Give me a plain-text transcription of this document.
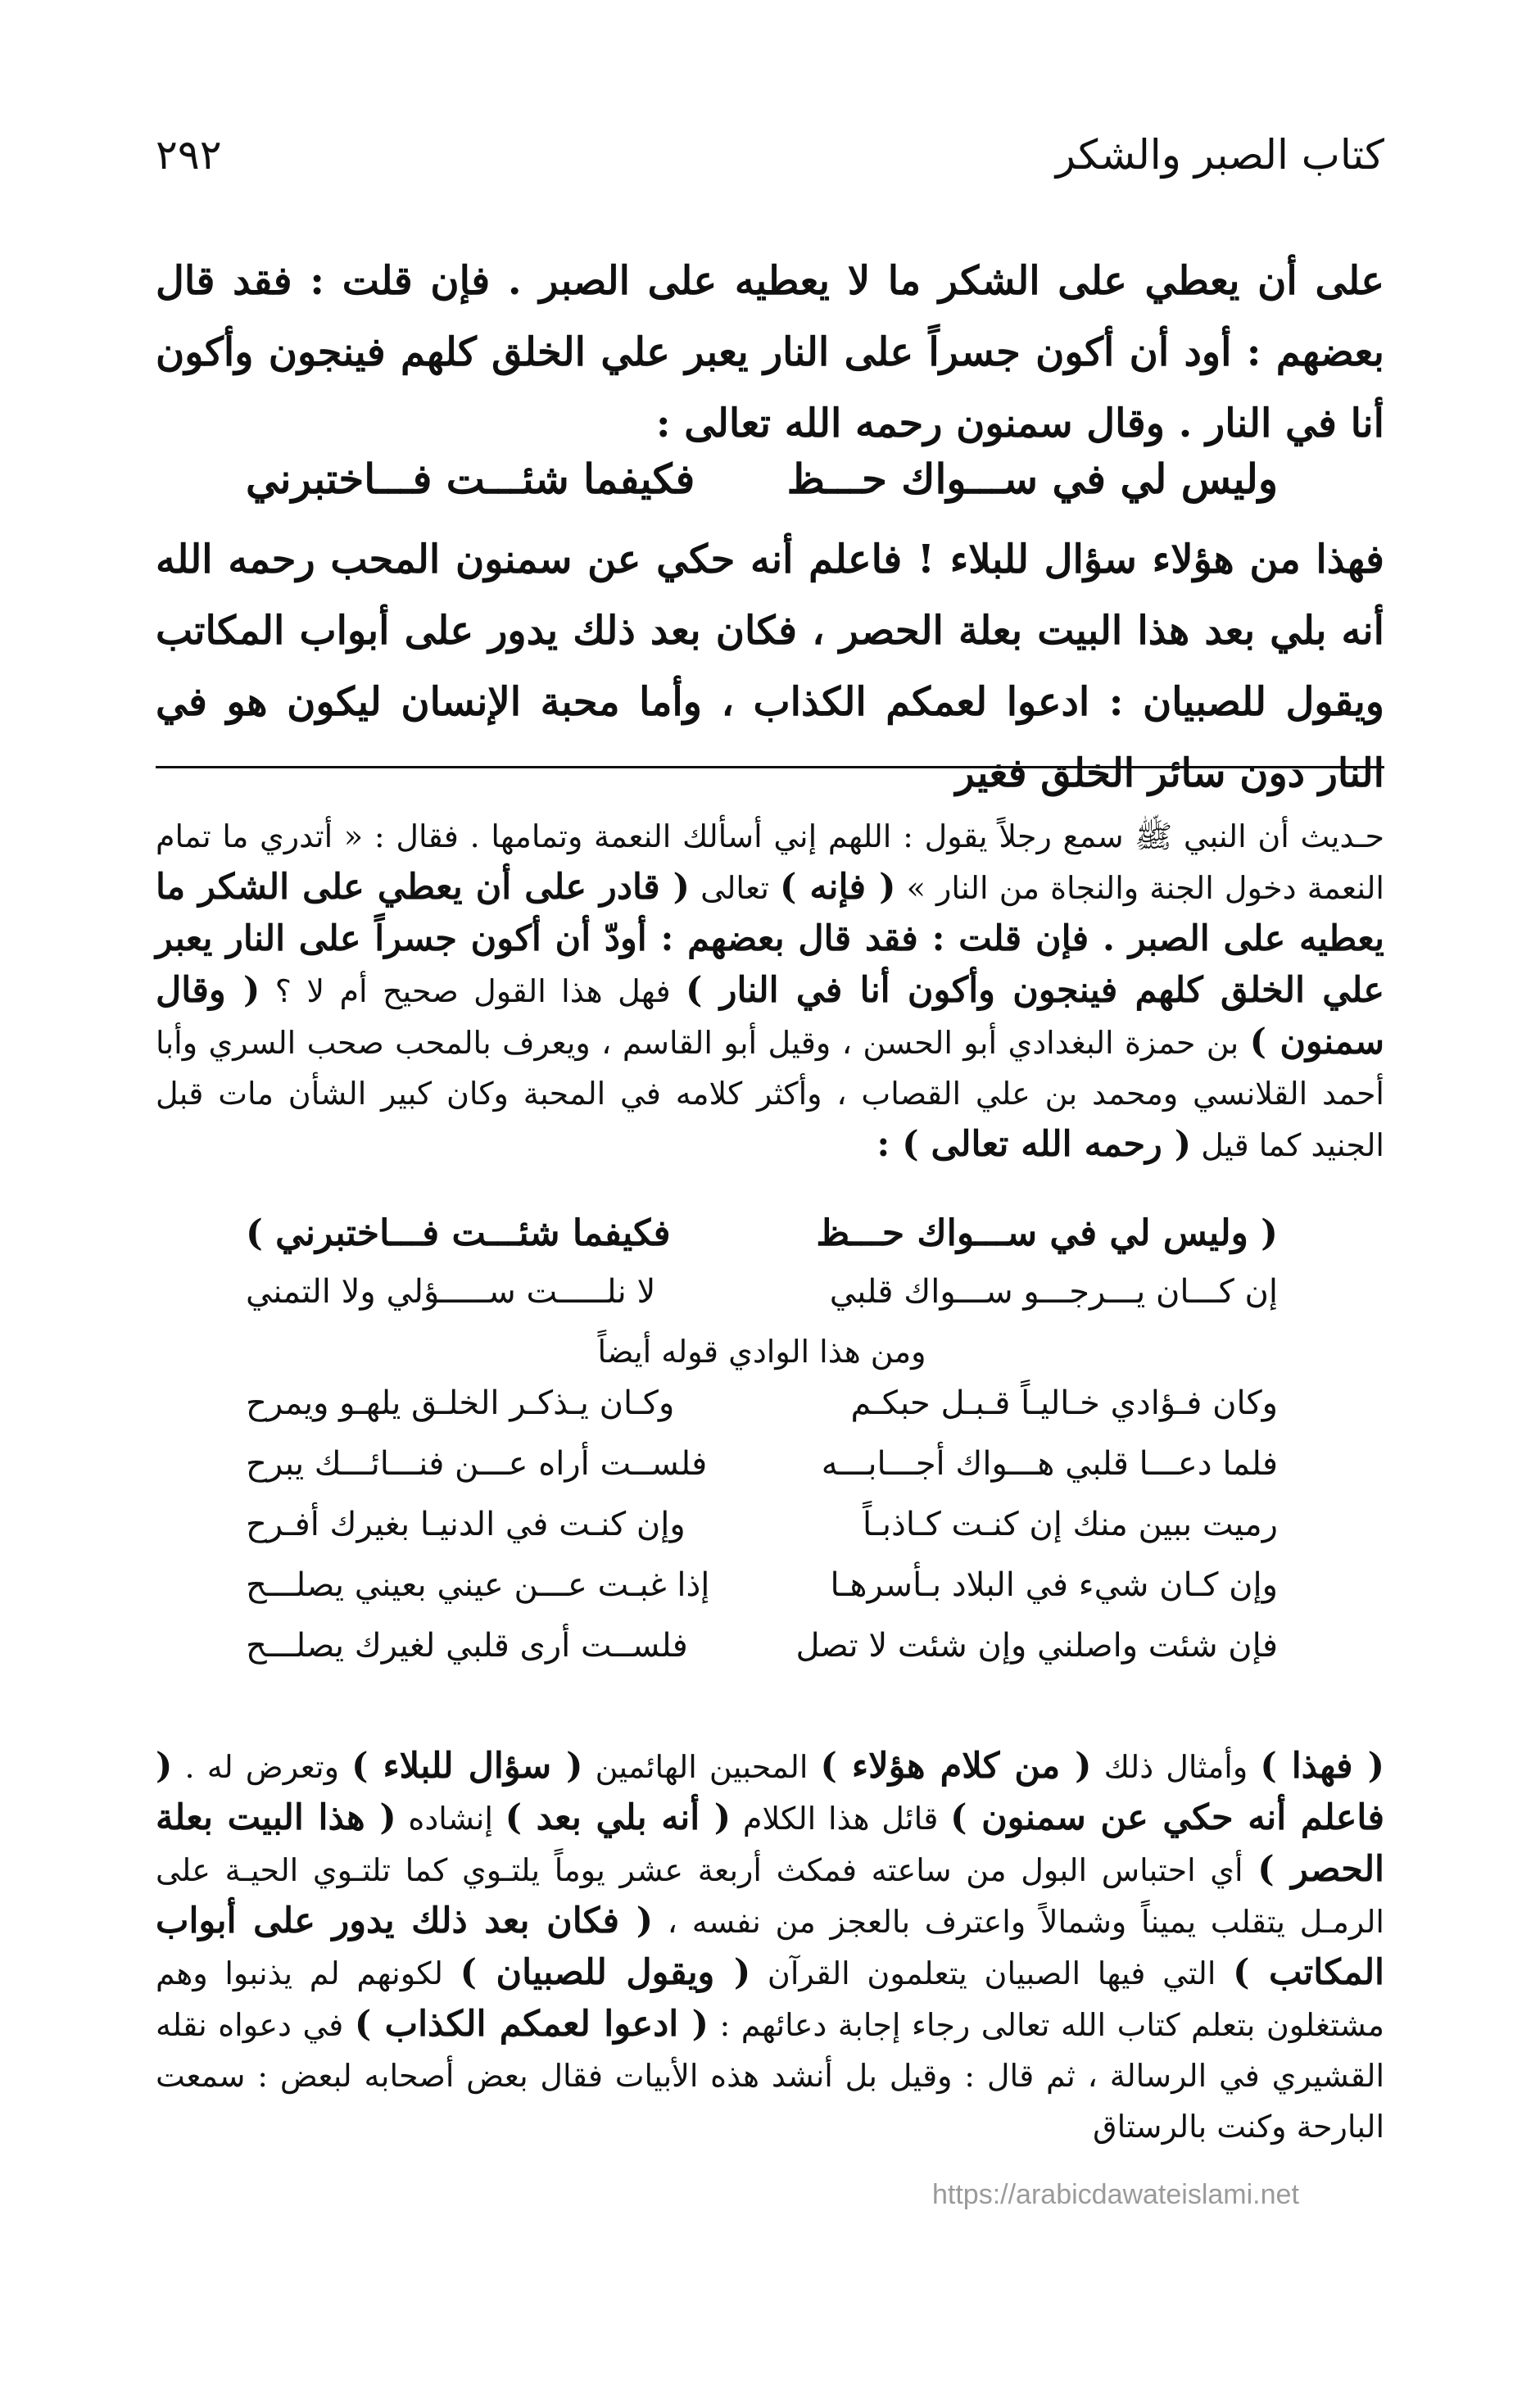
كتاب الصبر والشكر
٢٩٢

على أن يعطي على الشكر ما لا يعطيه على الصبر . فإن قلت : فقد قال بعضهم : أود أن أكون جسراً على النار يعبر علي الخلق كلهم فينجون وأكون أنا في النار . وقال سمنون رحمه الله تعالى :

وليس لي في ســـواك حـــظ
فكيفما شئـــت فـــاختبرني

فهذا من هؤلاء سؤال للبلاء ! فاعلم أنه حكي عن سمنون المحب رحمه الله أنه بلي بعد هذا البيت بعلة الحصر ، فكان بعد ذلك يدور على أبواب المكاتب ويقول للصبيان : ادعوا لعمكم الكذاب ، وأما محبة الإنسان ليكون هو في النار دون سائر الخلق فغير

حـديث أن النبي ﷺ سمع رجلاً يقول : اللهم إني أسألك النعمة وتمامها . فقال : « أتدري ما تمام النعمة دخول الجنة والنجاة من النار » ( فإنه ) تعالى ( قادر على أن يعطي على الشكر ما يعطيه على الصبر . فإن قلت : فقد قال بعضهم : أودّ أن أكون جسراً على النار يعبر علي الخلق كلهم فينجون وأكون أنا في النار ) فهل هذا القول صحيح أم لا ؟ ( وقال سمنون ) بن حمزة البغدادي أبو الحسن ، وقيل أبو القاسم ، ويعرف بالمحب صحب السري وأبا أحمد القلانسي ومحمد بن علي القصاب ، وأكثر كلامه في المحبة وكان كبير الشأن مات قبل الجنيد كما قيل ( رحمه الله تعالى ) :

( وليس لي في ســـواك حـــظ
فكيفما شئـــت فـــاختبرني )
إن كـــان يـــرجـــو ســـواك قلبي
لا نلـــــت ســـــؤلي ولا التمني
ومن هذا الوادي قوله أيضاً
وكان فـؤادي خـاليـاً قـبـل حبكـم
وكـان يـذكـر الخلـق يلهـو ويمرح
فلما دعـــا قلبي هـــواك أجـــابـــه
فلســت أراه عـــن فنـــائـــك يبرح
رميت ببين منك إن كنـت كـاذبـاً
وإن كنـت في الدنيـا بغيرك أفـرح
وإن كـان شيء في البلاد بـأسرهـا
إذا غبـت عـــن عيني بعيني يصلـــح
فإن شئت واصلني وإن شئت لا تصل
فلســت أرى قلبي لغيرك يصلـــح

( فهذا ) وأمثال ذلك ( من كلام هؤلاء ) المحبين الهائمين ( سؤال للبلاء ) وتعرض له . ( فاعلم أنه حكي عن سمنون ) قائل هذا الكلام ( أنه بلي بعد ) إنشاده ( هذا البيت بعلة الحصر ) أي احتباس البول من ساعته فمكث أربعة عشر يوماً يلتـوي كما تلتـوي الحيـة على الرمـل يتقلب يميناً وشمالاً واعترف بالعجز من نفسه ، ( فكان بعد ذلك يدور على أبواب المكاتب ) التي فيها الصبيان يتعلمون القرآن ( ويقول للصبيان ) لكونهم لم يذنبوا وهم مشتغلون بتعلم كتاب الله تعالى رجاء إجابة دعائهم : ( ادعوا لعمكم الكذاب ) في دعواه نقله القشيري في الرسالة ، ثم قال : وقيل بل أنشد هذه الأبيات فقال بعض أصحابه لبعض : سمعت البارحة وكنت بالرستاق

https://arabicdawateislami.net
